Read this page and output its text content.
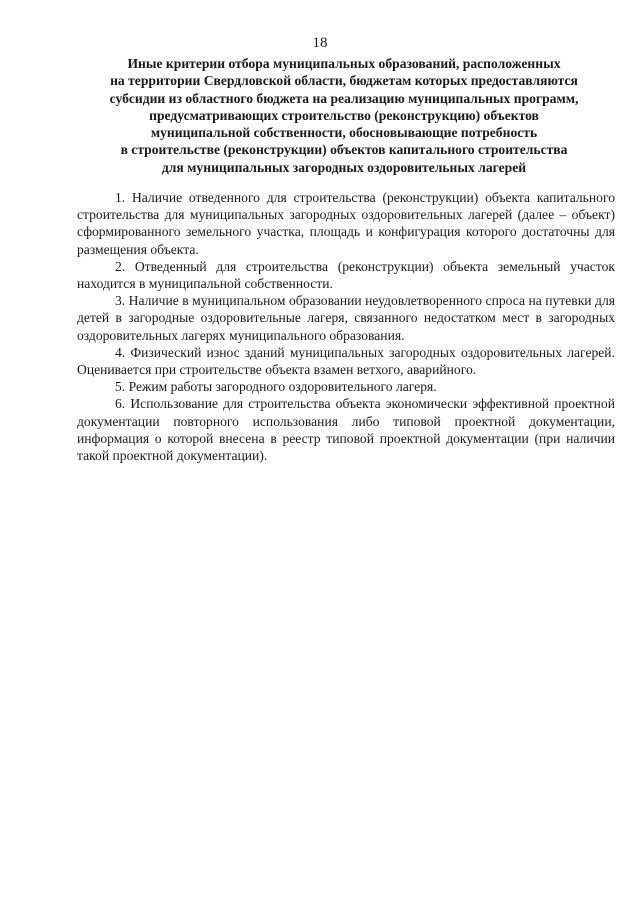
18
Иные критерии отбора муниципальных образований, расположенных
на территории Свердловской области, бюджетам которых предоставляются
субсидии из областного бюджета на реализацию муниципальных программ,
предусматривающих строительство (реконструкцию) объектов
муниципальной собственности, обосновывающие потребность
в строительстве (реконструкции) объектов капитального строительства
для муниципальных загородных оздоровительных лагерей
1. Наличие отведенного для строительства (реконструкции) объекта капитального строительства для муниципальных загородных оздоровительных лагерей (далее – объект) сформированного земельного участка, площадь и конфигурация которого достаточны для размещения объекта.
2. Отведенный для строительства (реконструкции) объекта земельный участок находится в муниципальной собственности.
3. Наличие в муниципальном образовании неудовлетворенного спроса на путевки для детей в загородные оздоровительные лагеря, связанного недостатком мест в загородных оздоровительных лагерях муниципального образования.
4. Физический износ зданий муниципальных загородных оздоровительных лагерей. Оценивается при строительстве объекта взамен ветхого, аварийного.
5. Режим работы загородного оздоровительного лагеря.
6. Использование для строительства объекта экономически эффективной проектной документации повторного использования либо типовой проектной документации, информация о которой внесена в реестр типовой проектной документации (при наличии такой проектной документации).
